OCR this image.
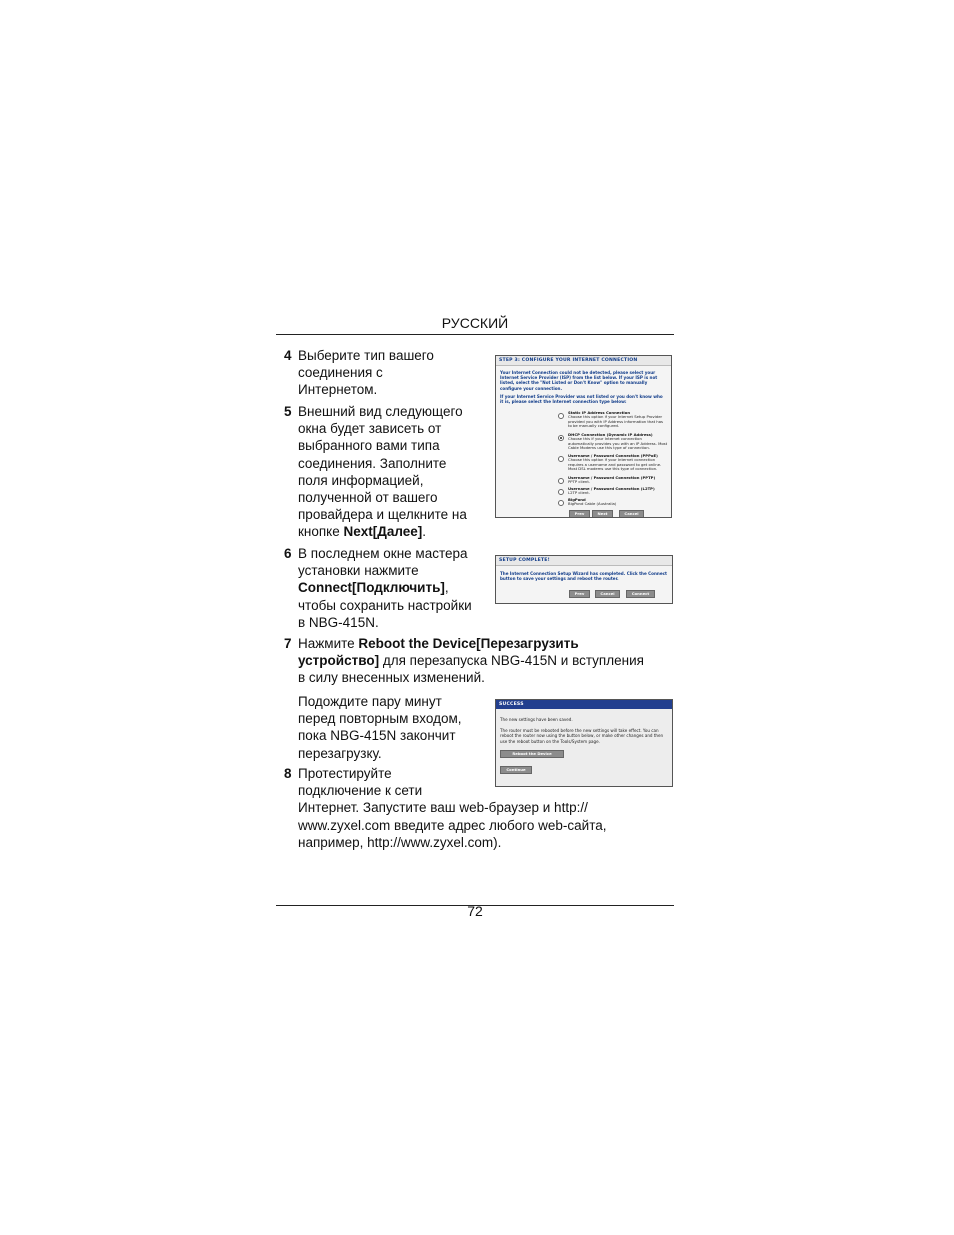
РУССКИЙ
4 Выберите тип вашего
соединения с
Интернетом.
5 Внешний вид следующего
окна будет зависеть от
выбранного вами типа
соединения. Заполните
поля информацией,
полученной от вашего
провайдера и щелкните на
кнопке Next[Далее].
6 В последнем окне мастера
установки нажмите
Connect[Подключить],
чтобы сохранить настройки
в NBG-415N.
7 Нажмите Reboot the Device[Перезагрузить
устройство] для перезапуска NBG-415N и вступления
в силу внесенных изменений.
Подождите пару минут
перед повторным входом,
пока NBG-415N закончит
перезагрузку.
8 Протестируйте
подключение к сети
Интернет. Запустите ваш web-браузер и http://
www.zyxel.com введите адрес любого web-сайта,
например, http://www.zyxel.com).
STEP 3: CONFIGURE YOUR INTERNET CONNECTION
Your Internet Connection could not be detected, please select your Internet Service Provider (ISP) from the list below. If your ISP is not listed, select the "Not Listed or Don't Know" option to manually configure your connection.
If your Internet Service Provider was not listed or you don't know who it is, please select the Internet connection type below:
Static IP Address Connection
Choose this option if your Internet Setup Provider provided you with IP Address information that has to be manually configured.
DHCP Connection (Dynamic IP Address)
Choose this if your Internet connection automatically provides you with an IP Address. Most Cable Modems use this type of connection.
Username / Password Connection (PPPoE)
Choose this option if your Internet connection requires a username and password to get online. Most DSL modems use this type of connection.
Username / Password Connection (PPTP)
PPTP client.
Username / Password Connection (L2TP)
L2TP client.
BigPond
BigPond Cable (Australia)
Prev	Next	Cancel
SETUP COMPLETE!
The Internet Connection Setup Wizard has completed. Click the Connect button to save your settings and reboot the router.
Prev	Cancel	Connect
SUCCESS
The new settings have been saved.
The router must be rebooted before the new settings will take effect. You can reboot the router now using the button below, or make other changes and then use the reboot button on the Tools/System page.
Reboot the Device
Continue
72
